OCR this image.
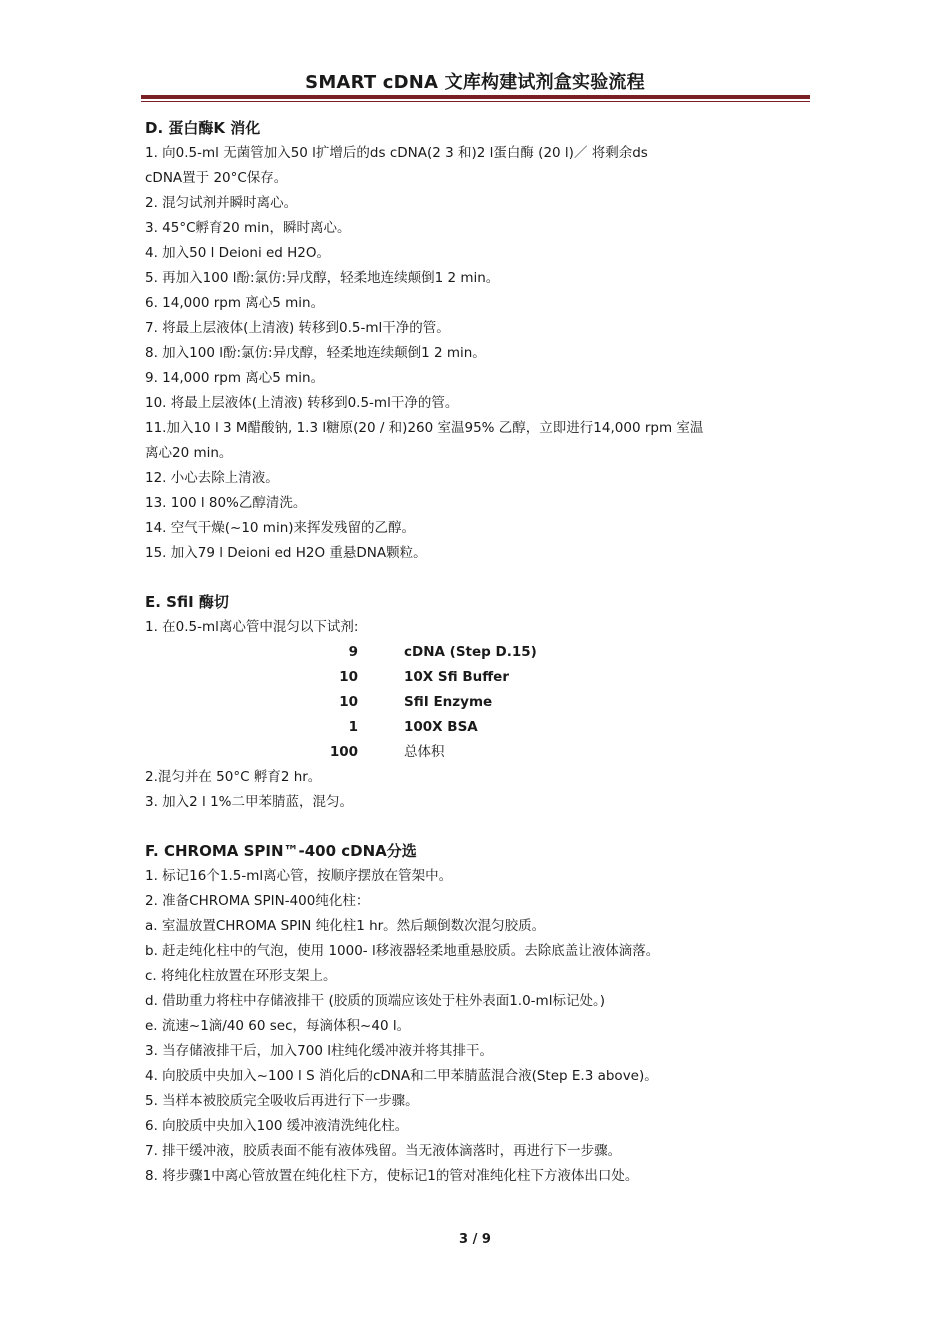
SMART cDNA 文库构建试剂盒实验流程

D. 蛋白酶K 消化

1. 向0.5-ml 无菌管加入50 l扩增后的ds cDNA(2 3 和)2 l蛋白酶 (20 l)／ 将剩余ds

cDNA置于 20°C保存。

2. 混匀试剂并瞬时离心。

3. 45°C孵育20 min，瞬时离心。

4. 加入50 l Deioni ed H2O。

5. 再加入100 l酚:氯仿:异戊醇，轻柔地连续颠倒1 2 min。

6. 14,000 rpm 离心5 min。

7. 将最上层液体(上清液) 转移到0.5-ml干净的管。

8. 加入100 l酚:氯仿:异戊醇，轻柔地连续颠倒1 2 min。

9. 14,000 rpm 离心5 min。

10. 将最上层液体(上清液) 转移到0.5-ml干净的管。

11.加入10 l 3 M醋酸钠, 1.3 l糖原(20 / 和)260 室温95% 乙醇，立即进行14,000 rpm 室温

离心20 min。

12. 小心去除上清液。

13. 100 l 80%乙醇清洗。

14. 空气干燥(~10 min)来挥发残留的乙醇。

15. 加入79 l Deioni ed H2O 重悬DNA颗粒。

E. SfiI 酶切

1. 在0.5-ml离心管中混匀以下试剂:

9		cDNA (Step D.15)
10		10X Sfi Buffer
10		SfiI Enzyme
1		100X BSA
100		总体积

2.混匀并在 50°C 孵育2 hr。

3. 加入2 l 1%二甲苯腈蓝，混匀。

F. CHROMA SPIN™-400 cDNA分选

1. 标记16个1.5-ml离心管，按顺序摆放在管架中。

2. 准备CHROMA SPIN-400纯化柱：

a. 室温放置CHROMA SPIN 纯化柱1 hr。然后颠倒数次混匀胶质。

b. 赶走纯化柱中的气泡，使用 1000- l移液器轻柔地重悬胶质。去除底盖让液体滴落。

c. 将纯化柱放置在环形支架上。

d. 借助重力将柱中存储液排干 (胶质的顶端应该处于柱外表面1.0-ml标记处。)

e. 流速~1滴/40 60 sec，每滴体积~40 l。

3. 当存储液排干后，加入700 l柱纯化缓冲液并将其排干。

4. 向胶质中央加入~100 l S 消化后的cDNA和二甲苯腈蓝混合液(Step E.3 above)。

5. 当样本被胶质完全吸收后再进行下一步骤。

6. 向胶质中央加入100 缓冲液清洗纯化柱。

7. 排干缓冲液，胶质表面不能有液体残留。当无液体滴落时，再进行下一步骤。

8. 将步骤1中离心管放置在纯化柱下方，使标记1的管对准纯化柱下方液体出口处。

3 / 9
